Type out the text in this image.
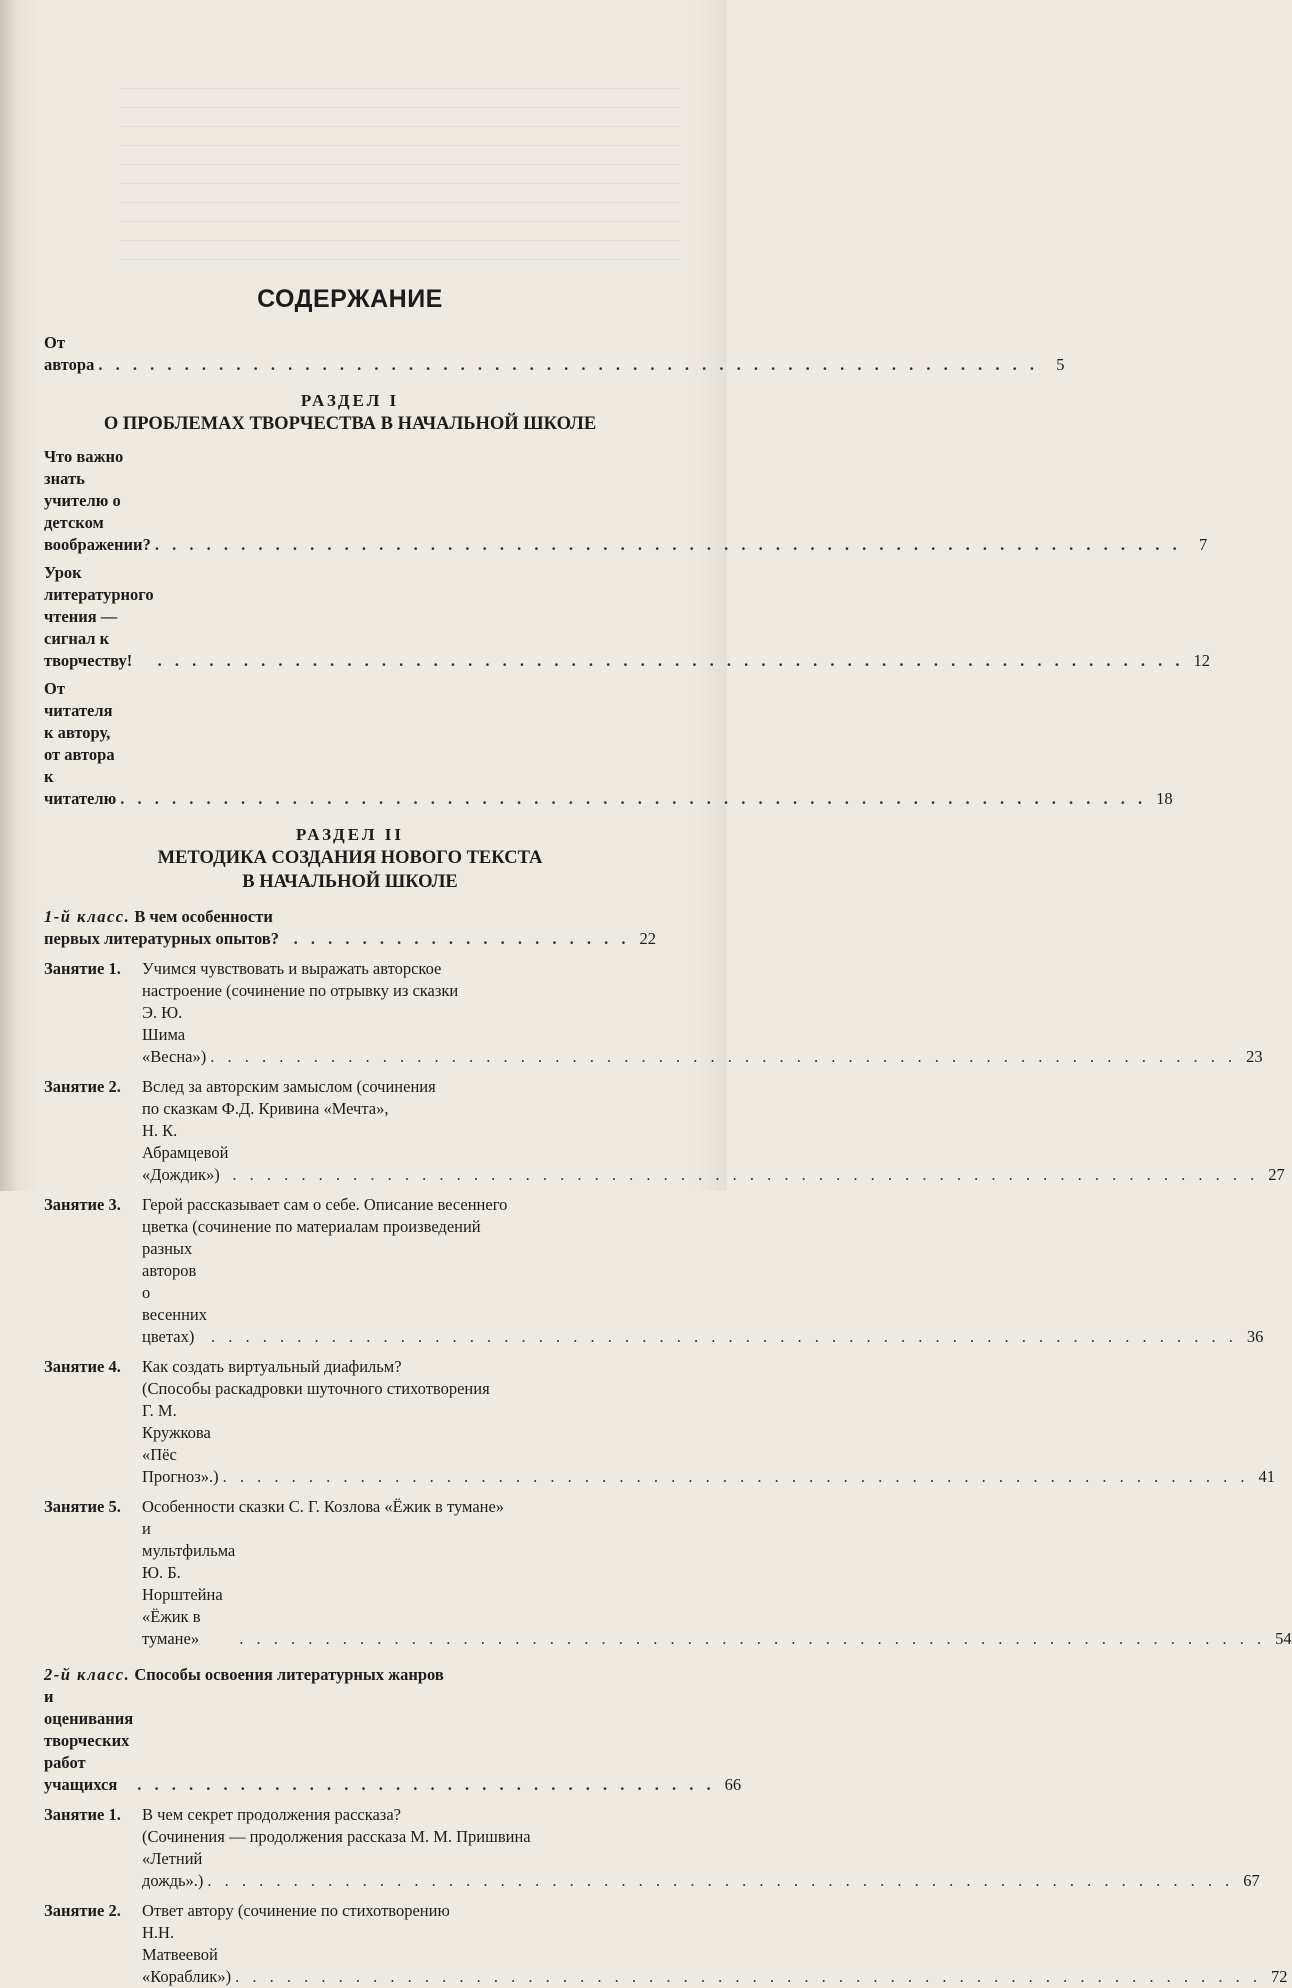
СОДЕРЖАНИЕ
От автора . . . . . . . . . . . . . . . . . . . . . . . . . . . . . . . . . . . . . . . . . . . . . . . . . . . . . . .	5
РАЗДЕЛ I
О ПРОБЛЕМАХ ТВОРЧЕСТВА В НАЧАЛЬНОЙ ШКОЛЕ
Что важно знать учителю о детском воображении? . . . . . . . . . . . . . . . . . . . . . . . . . . . . . . . . . . . . . . . . . . . . . . . . . . . . . . . . . . . .	7
Урок литературного чтения — сигнал к творчеству!	. . . . . . . . . . . . . . . . . . . . . . . . . . . . . . . . . . . . . . . . . . . . . . . . . . . . . . . . . . . . 12
От читателя к автору, от автора к читателю . . . . . . . . . . . . . . . . . . . . . . . . . . . . . . . . . . . . . . . . . . . . . . . . . . . . . . . . . . . . 18
РАЗДЕЛ II
МЕТОДИКА СОЗДАНИЯ НОВОГО ТЕКСТА
В НАЧАЛЬНОЙ ШКОЛЕ
1-й класс. В чем особенности первых литературных опытов? . . . . . . . . . . . . . . . . . . . . 22
Занятие 1.	Учимся чувствовать и выражать авторское
настроение (сочинение по отрывку из сказки
Э. Ю. Шима «Весна») . . . . . . . . . . . . . . . . . . . . . . . . . . . . . . . . . . . . . . . . . . . . . . . . . . . . . . . . . . . . 23
Занятие 2.	Вслед за авторским замыслом (сочинения
по сказкам Ф.Д. Кривина «Мечта»,
Н. К. Абрамцевой «Дождик») . . . . . . . . . . . . . . . . . . . . . . . . . . . . . . . . . . . . . . . . . . . . . . . . . . . . . . . . . . . . 27
Занятие 3.	Герой рассказывает сам о себе. Описание весеннего
цветка (сочинение по материалам произведений
разных авторов о весенних цветах)	. . . . . . . . . . . . . . . . . . . . . . . . . . . . . . . . . . . . . . . . . . . . . . . . . . . . . . . . . . . . 36
Занятие 4.	Как создать виртуальный диафильм?
(Способы раскадровки шуточного стихотворения
Г. М. Кружкова «Пёс Прогноз».) . . . . . . . . . . . . . . . . . . . . . . . . . . . . . . . . . . . . . . . . . . . . . . . . . . . . . . . . . . . . 41
Занятие 5.	Особенности сказки С. Г. Козлова «Ёжик в тумане»
и мультфильма Ю. Б. Норштейна «Ёжик в тумане»	. . . . . . . . . . . . . . . . . . . . . . . . . . . . . . . . . . . . . . . . . . . . . . . . . . . . . . . . . . . . 54
2-й класс. Способы освоения литературных жанров
и оценивания творческих работ учащихся	. . . . . . . . . . . . . . . . . . . . . . . . . . . . . . . . . . 66
Занятие 1.	В чем секрет продолжения рассказа?
(Сочинения — продолжения рассказа М. М. Пришвина
«Летний дождь».) . . . . . . . . . . . . . . . . . . . . . . . . . . . . . . . . . . . . . . . . . . . . . . . . . . . . . . . . . . . . 67
Занятие 2.	Ответ автору (сочинение по стихотворению
Н.Н. Матвеевой «Кораблик») . . . . . . . . . . . . . . . . . . . . . . . . . . . . . . . . . . . . . . . . . . . . . . . . . . . . . . . . . . . . 72
